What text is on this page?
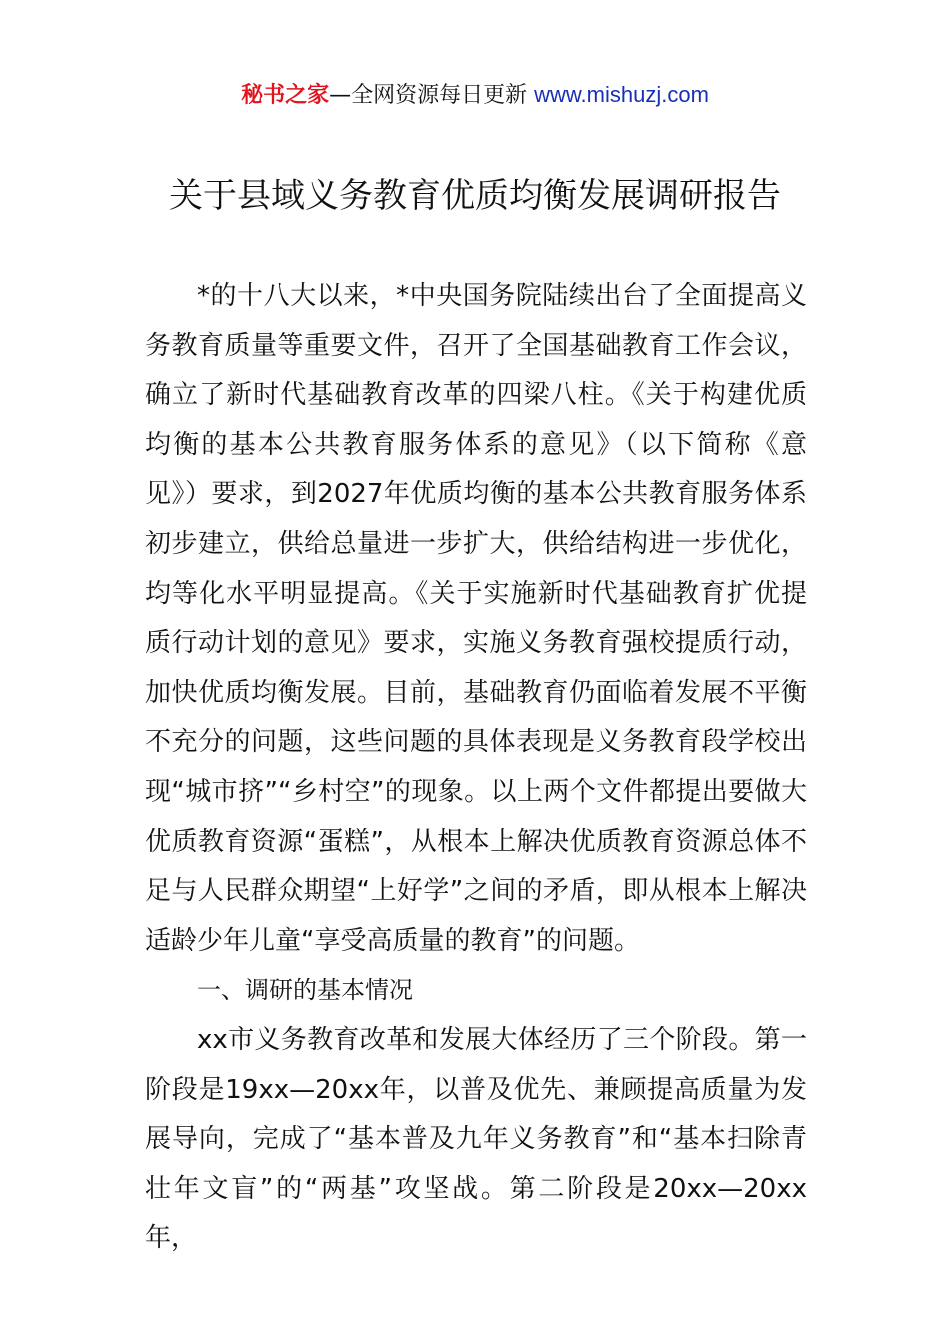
秘书之家—全网资源每日更新 www.mishuzj.com
关于县域义务教育优质均衡发展调研报告

*的十八大以来，*中央国务院陆续出台了全面提高义务教育质量等重要文件，召开了全国基础教育工作会议，确立了新时代基础教育改革的四梁八柱。《关于构建优质均衡的基本公共教育服务体系的意见》（以下简称《意见》）要求，到2027年优质均衡的基本公共教育服务体系初步建立，供给总量进一步扩大，供给结构进一步优化，均等化水平明显提高。《关于实施新时代基础教育扩优提质行动计划的意见》要求，实施义务教育强校提质行动，加快优质均衡发展。目前，基础教育仍面临着发展不平衡不充分的问题，这些问题的具体表现是义务教育段学校出现“城市挤”“乡村空”的现象。以上两个文件都提出要做大优质教育资源“蛋糕”，从根本上解决优质教育资源总体不足与人民群众期望“上好学”之间的矛盾，即从根本上解决适龄少年儿童“享受高质量的教育”的问题。

一、调研的基本情况

xx市义务教育改革和发展大体经历了三个阶段。第一阶段是19xx—20xx年，以普及优先、兼顾提高质量为发展导向，完成了“基本普及九年义务教育”和“基本扫除青壮年文盲”的“两基”攻坚战。第二阶段是20xx—20xx年，
